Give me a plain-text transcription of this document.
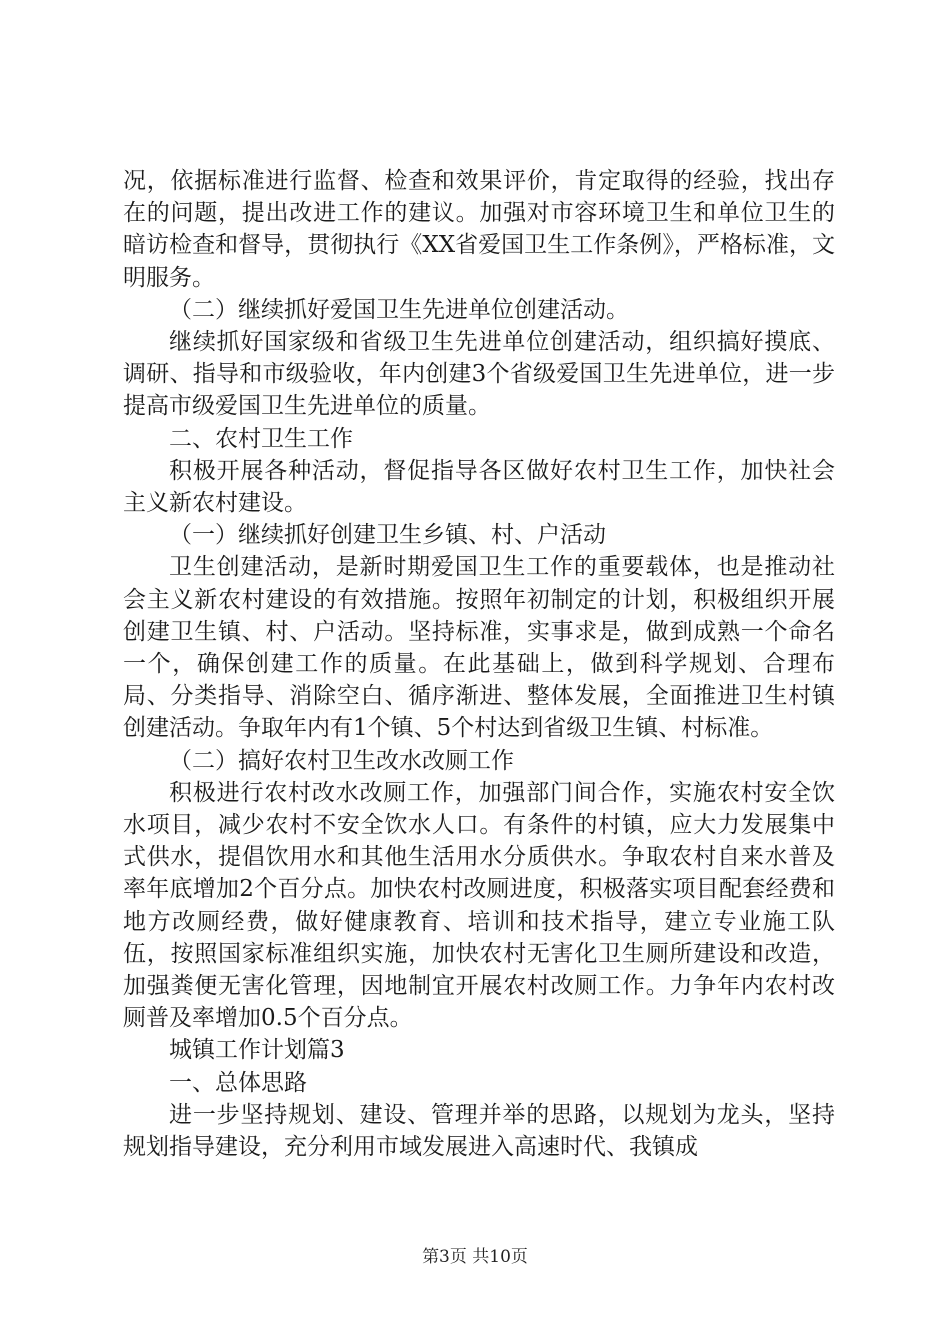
况，依据标准进行监督、检查和效果评价，肯定取得的经验，找出存在的问题，提出改进工作的建议。加强对市容环境卫生和单位卫生的暗访检查和督导，贯彻执行《XX省爱国卫生工作条例》，严格标准，文明服务。

（二）继续抓好爱国卫生先进单位创建活动。

继续抓好国家级和省级卫生先进单位创建活动，组织搞好摸底、调研、指导和市级验收，年内创建3个省级爱国卫生先进单位，进一步提高市级爱国卫生先进单位的质量。

二、农村卫生工作

积极开展各种活动，督促指导各区做好农村卫生工作，加快社会主义新农村建设。

（一）继续抓好创建卫生乡镇、村、户活动

卫生创建活动，是新时期爱国卫生工作的重要载体，也是推动社会主义新农村建设的有效措施。按照年初制定的计划，积极组织开展创建卫生镇、村、户活动。坚持标准，实事求是，做到成熟一个命名一个，确保创建工作的质量。在此基础上，做到科学规划、合理布局、分类指导、消除空白、循序渐进、整体发展，全面推进卫生村镇创建活动。争取年内有1个镇、5个村达到省级卫生镇、村标准。

（二）搞好农村卫生改水改厕工作

积极进行农村改水改厕工作，加强部门间合作，实施农村安全饮水项目，减少农村不安全饮水人口。有条件的村镇，应大力发展集中式供水，提倡饮用水和其他生活用水分质供水。争取农村自来水普及率年底增加2个百分点。加快农村改厕进度，积极落实项目配套经费和地方改厕经费，做好健康教育、培训和技术指导，建立专业施工队伍，按照国家标准组织实施，加快农村无害化卫生厕所建设和改造，加强粪便无害化管理，因地制宜开展农村改厕工作。力争年内农村改厕普及率增加0.5个百分点。

城镇工作计划篇3

一、总体思路

进一步坚持规划、建设、管理并举的思路，以规划为龙头，坚持规划指导建设，充分利用市域发展进入高速时代、我镇成

第3页 共10页
